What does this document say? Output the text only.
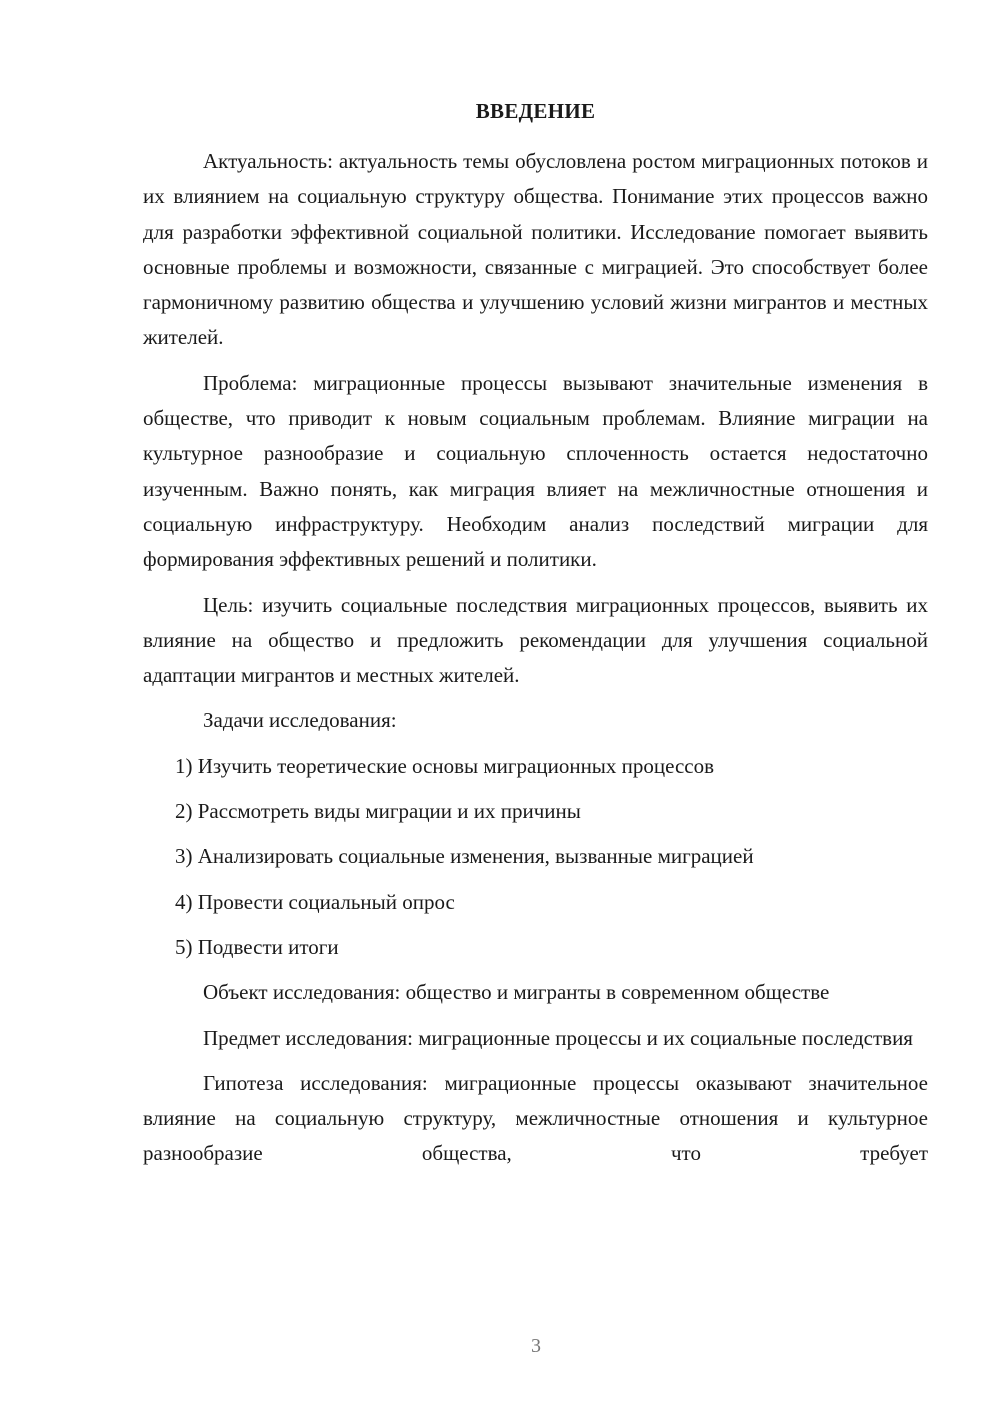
ВВЕДЕНИЕ

Актуальность: актуальность темы обусловлена ростом миграционных потоков и их влиянием на социальную структуру общества. Понимание этих процессов важно для разработки эффективной социальной политики. Исследование помогает выявить основные проблемы и возможности, связанные с миграцией. Это способствует более гармоничному развитию общества и улучшению условий жизни мигрантов и местных жителей.

Проблема: миграционные процессы вызывают значительные изменения в обществе, что приводит к новым социальным проблемам. Влияние миграции на культурное разнообразие и социальную сплоченность остается недостаточно изученным. Важно понять, как миграция влияет на межличностные отношения и социальную инфраструктуру. Необходим анализ последствий миграции для формирования эффективных решений и политики.

Цель: изучить социальные последствия миграционных процессов, выявить их влияние на общество и предложить рекомендации для улучшения социальной адаптации мигрантов и местных жителей.

Задачи исследования:

1) Изучить теоретические основы миграционных процессов
2) Рассмотреть виды миграции и их причины
3) Анализировать социальные изменения, вызванные миграцией
4) Провести социальный опрос
5) Подвести итоги

Объект исследования: общество и мигранты в современном обществе

Предмет исследования: миграционные процессы и их социальные последствия

Гипотеза исследования: миграционные процессы оказывают значительное влияние на социальную структуру, межличностные отношения и культурное разнообразие общества, что требует

3
